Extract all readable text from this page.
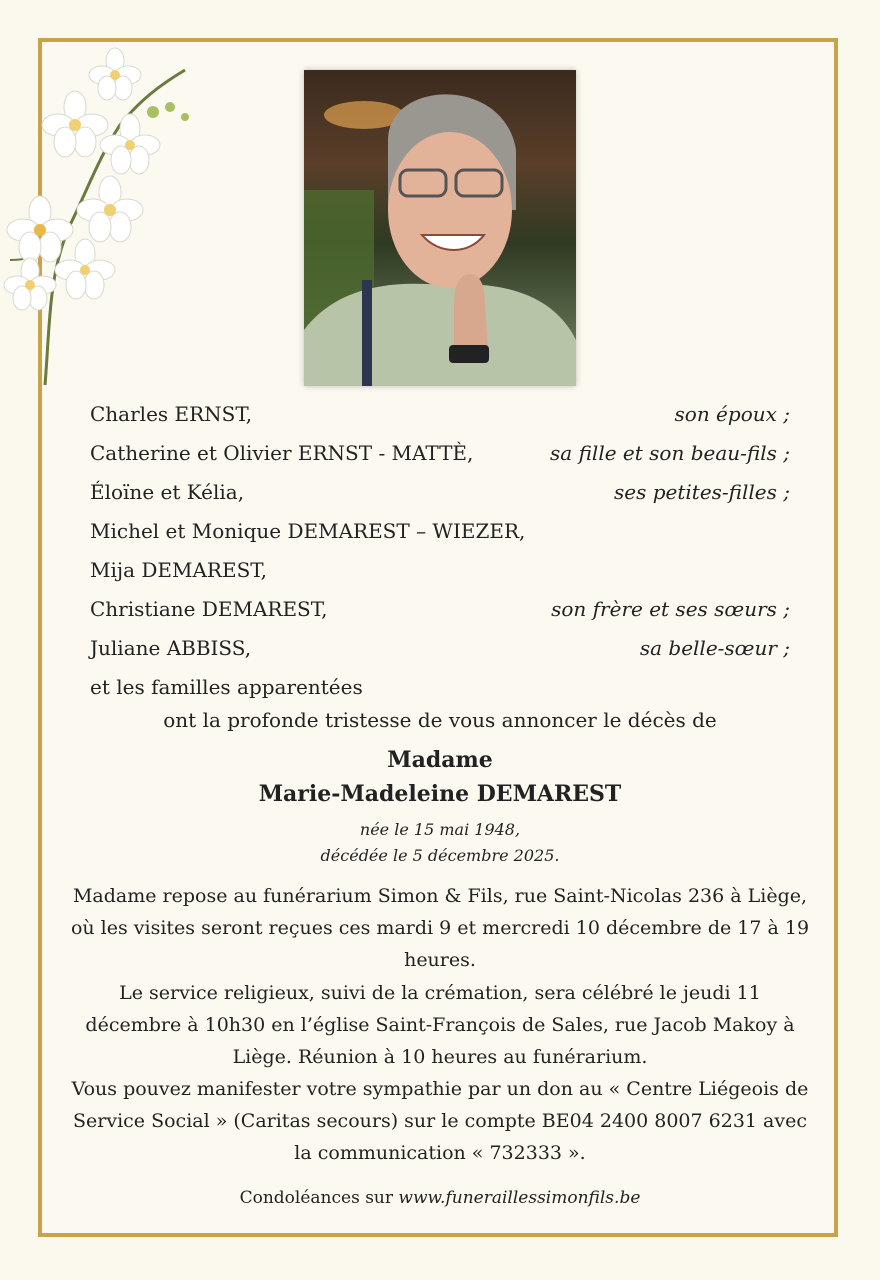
Charles ERNST,	son époux ;
Catherine et Olivier ERNST - MATTÈ,	sa fille et son beau-fils ;
Éloïne et Kélia,	ses petites-filles ;
Michel et Monique DEMAREST – WIEZER,
Mija DEMAREST,
Christiane DEMAREST,	son frère et ses sœurs ;
Juliane ABBISS,	sa belle-sœur ;
et les familles apparentées
ont la profonde tristesse de vous annoncer le décès de
Madame
Marie-Madeleine DEMAREST
née le 15 mai 1948,
décédée le 5 décembre 2025.
Madame repose au funérarium Simon & Fils, rue Saint-Nicolas 236 à Liège, où les visites seront reçues ces mardi 9 et mercredi 10 décembre de 17 à 19 heures.
Le service religieux, suivi de la crémation, sera célébré le jeudi 11 décembre à 10h30 en l’église Saint-François de Sales, rue Jacob Makoy à Liège. Réunion à 10 heures au funérarium.
Vous pouvez manifester votre sympathie par un don au « Centre Liégeois de Service Social » (Caritas secours) sur le compte BE04 2400 8007 6231 avec la communication « 732333 ».
Condoléances sur www.funeraillessimonfils.be
